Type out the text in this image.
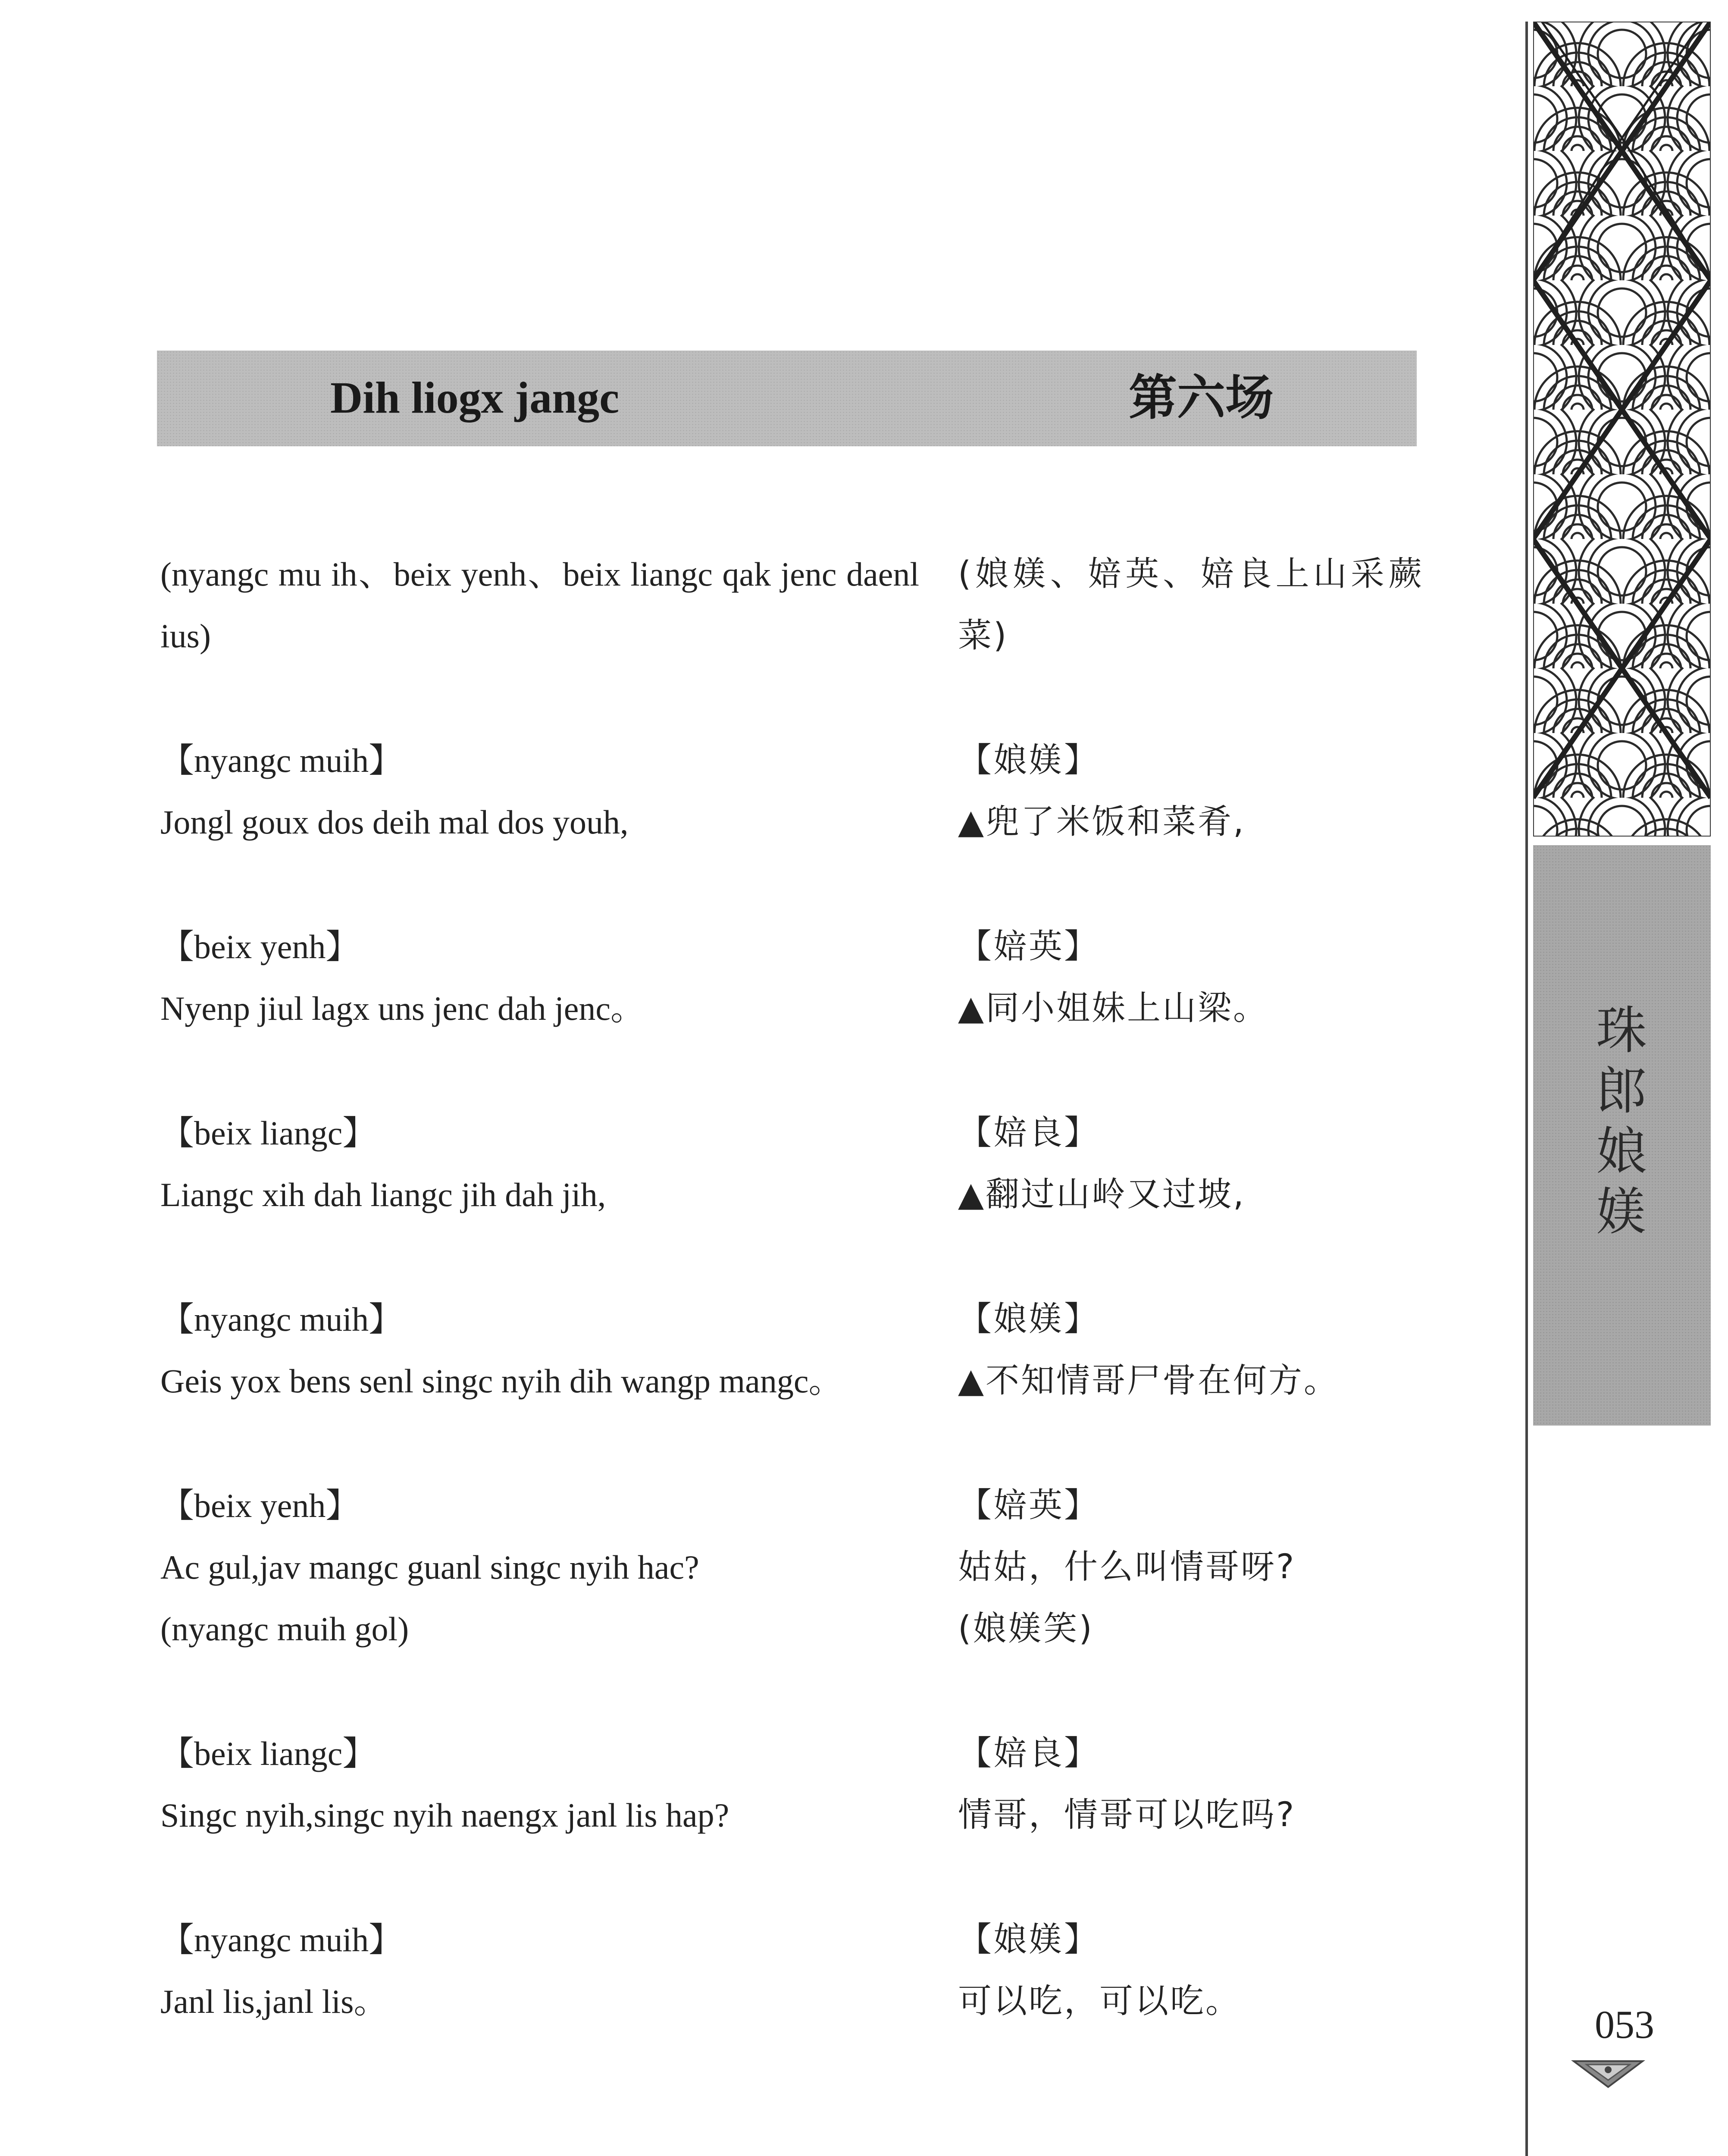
Dih liogx jangc	第六场
(nyangc mu ih、beix yenh、beix liangc qak jenc daenl ius)
【nyangc muih】
Jongl goux dos deih mal dos youh,
【beix yenh】
Nyenp jiul lagx uns jenc dah jenc。
【beix liangc】
Liangc xih dah liangc jih dah jih,
【nyangc muih】
Geis yox bens senl singc nyih dih wangp mangc。
【beix yenh】
Ac gul,jav mangc guanl singc nyih hac?
(nyangc muih gol)
【beix liangc】
Singc nyih,singc nyih naengx janl lis hap?
【nyangc muih】
Janl lis,janl lis。
(娘媄、婄英、婄良上山采蕨菜)
【娘媄】
▲兜了米饭和菜肴,
【婄英】
▲同小姐妹上山梁。
【婄良】
▲翻过山岭又过坡,
【娘媄】
▲不知情哥尸骨在何方。
【婄英】
姑姑，什么叫情哥呀?
(娘媄笑)
【婄良】
情哥，情哥可以吃吗?
【娘媄】
可以吃，可以吃。
珠郎娘媄
053
